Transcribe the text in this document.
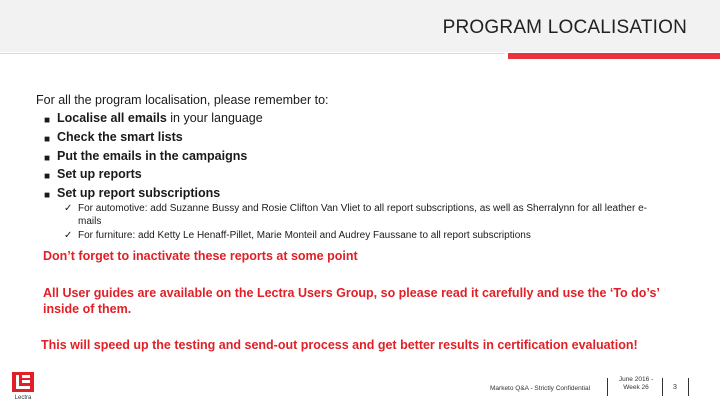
PROGRAM LOCALISATION
For all the program localisation, please remember to:
■ Localise all emails in your language
■ Check the smart lists
■ Put the emails in the campaigns
■ Set up reports
■ Set up report subscriptions
✓ For automotive: add Suzanne Bussy and Rosie Clifton Van Vliet to all report subscriptions, as well as Sherralynn for all leather e-mails
✓ For furniture: add Ketty Le Henaff-Pillet, Marie Monteil and Audrey Faussane to all report subscriptions
Don’t forget to inactivate these reports at some point
All User guides are available on the Lectra Users Group, so please read it carefully and use the ‘To do’s’ inside of them.
This will speed up the testing and send-out process and get better results in certification evaluation!
Lectra
Marketo Q&A - Strictly Confidential
June 2016 - Week 26	3
